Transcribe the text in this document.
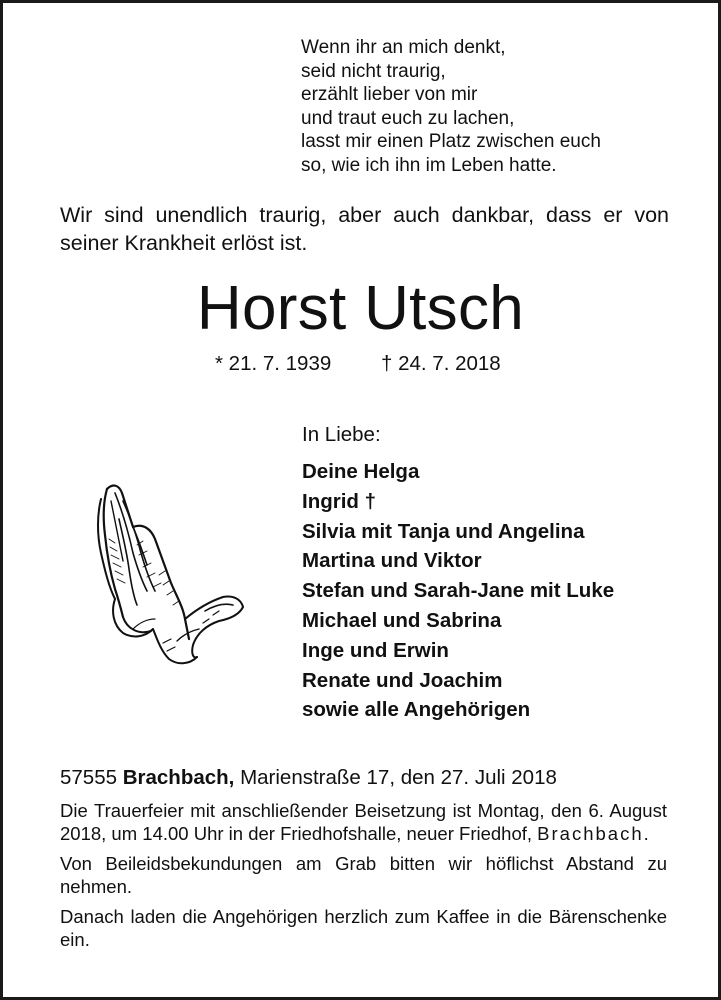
Wenn ihr an mich denkt,
seid nicht traurig,
erzählt lieber von mir
und traut euch zu lachen,
lasst mir einen Platz zwischen euch
so, wie ich ihn im Leben hatte.
Wir sind unendlich traurig, aber auch dankbar, dass er von seiner Krankheit erlöst ist.
Horst Utsch
* 21. 7. 1939 † 24. 7. 2018
In Liebe:
Deine Helga
Ingrid †
Silvia mit Tanja und Angelina
Martina und Viktor
Stefan und Sarah-Jane mit Luke
Michael und Sabrina
Inge und Erwin
Renate und Joachim
sowie alle Angehörigen
57555 Brachbach, Marienstraße 17, den 27. Juli 2018

Die Trauerfeier mit anschließender Beisetzung ist Montag, den 6. August 2018, um 14.00 Uhr in der Friedhofshalle, neuer Friedhof, Brachbach.

Von Beileidsbekundungen am Grab bitten wir höflichst Abstand zu nehmen.

Danach laden die Angehörigen herzlich zum Kaffee in die Bärenschenke ein.
